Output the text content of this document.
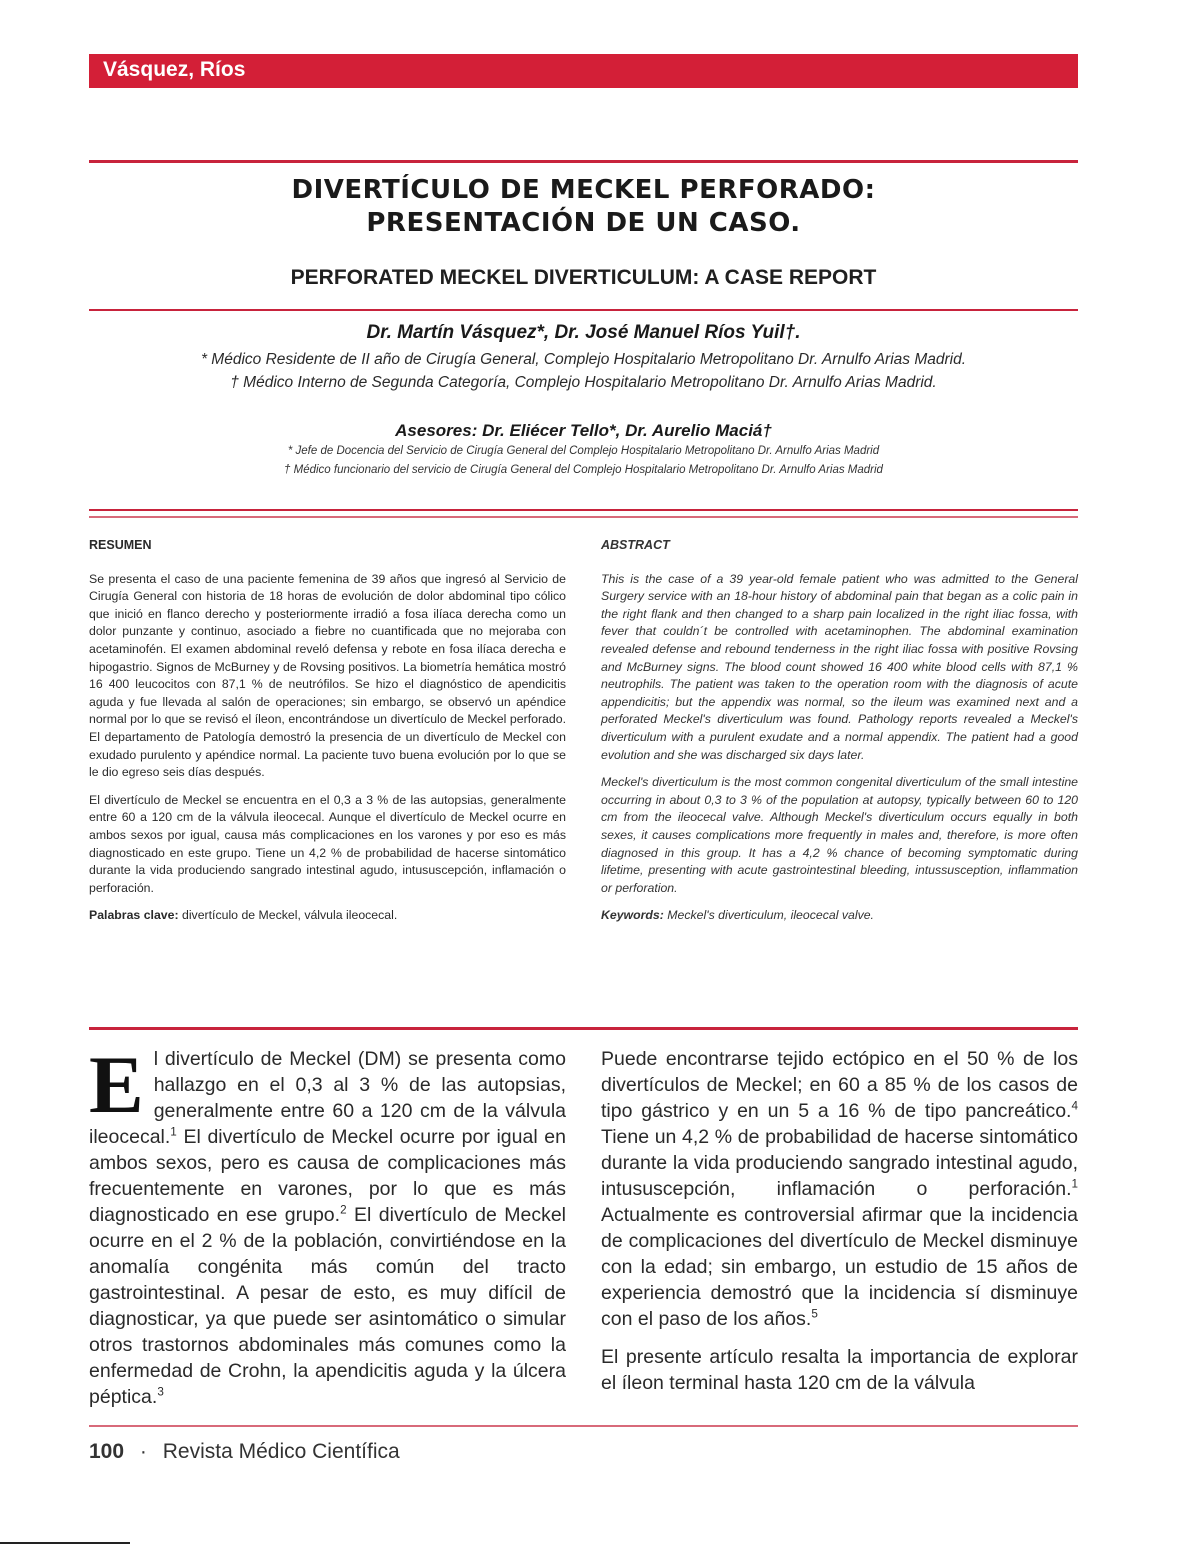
Vásquez, Ríos
DIVERTÍCULO DE MECKEL PERFORADO:
PRESENTACIÓN DE UN CASO.
PERFORATED MECKEL DIVERTICULUM: A CASE REPORT
Dr. Martín Vásquez*, Dr. José Manuel Ríos Yuil†.
* Médico Residente de II año de Cirugía General, Complejo Hospitalario Metropolitano Dr. Arnulfo Arias Madrid.
† Médico Interno de Segunda Categoría, Complejo Hospitalario Metropolitano Dr. Arnulfo Arias Madrid.
Asesores: Dr. Eliécer Tello*, Dr. Aurelio Maciá†
* Jefe de Docencia del Servicio de Cirugía General del Complejo Hospitalario Metropolitano Dr. Arnulfo Arias Madrid
† Médico funcionario del servicio de Cirugía General del Complejo Hospitalario Metropolitano Dr. Arnulfo Arias Madrid

RESUMEN

Se presenta el caso de una paciente femenina de 39 años que ingresó al Servicio de Cirugía General con historia de 18 horas de evolución de dolor abdominal tipo cólico que inició en flanco derecho y posteriormente irradió a fosa ilíaca derecha como un dolor punzante y continuo, asociado a fiebre no cuantificada que no mejoraba con acetaminofén. El examen abdominal reveló defensa y rebote en fosa ilíaca derecha e hipogastrio. Signos de McBurney y de Rovsing positivos. La biometría hemática mostró 16 400 leucocitos con 87,1 % de neutrófilos. Se hizo el diagnóstico de apendicitis aguda y fue llevada al salón de operaciones; sin embargo, se observó un apéndice normal por lo que se revisó el íleon, encontrándose un divertículo de Meckel perforado. El departamento de Patología demostró la presencia de un divertículo de Meckel con exudado purulento y apéndice normal. La paciente tuvo buena evolución por lo que se le dio egreso seis días después.

El divertículo de Meckel se encuentra en el 0,3 a 3 % de las autopsias, generalmente entre 60 a 120 cm de la válvula ileocecal. Aunque el divertículo de Meckel ocurre en ambos sexos por igual, causa más complicaciones en los varones y por eso es más diagnosticado en este grupo. Tiene un 4,2 % de probabilidad de hacerse sintomático durante la vida produciendo sangrado intestinal agudo, intususcepción, inflamación o perforación.

Palabras clave: divertículo de Meckel, válvula ileocecal.

ABSTRACT

This is the case of a 39 year-old female patient who was admitted to the General Surgery service with an 18-hour history of abdominal pain that began as a colic pain in the right flank and then changed to a sharp pain localized in the right iliac fossa, with fever that couldn´t be controlled with acetaminophen. The abdominal examination revealed defense and rebound tenderness in the right iliac fossa with positive Rovsing and McBurney signs. The blood count showed 16 400 white blood cells with 87,1 % neutrophils. The patient was taken to the operation room with the diagnosis of acute appendicitis; but the appendix was normal, so the ileum was examined next and a perforated Meckel's diverticulum was found. Pathology reports revealed a Meckel's diverticulum with a purulent exudate and a normal appendix. The patient had a good evolution and she was discharged six days later.

Meckel's diverticulum is the most common congenital diverticulum of the small intestine occurring in about 0,3 to 3 % of the population at autopsy, typically between 60 to 120 cm from the ileocecal valve. Although Meckel's diverticulum occurs equally in both sexes, it causes complications more frequently in males and, therefore, is more often diagnosed in this group. It has a 4,2 % chance of becoming symptomatic during lifetime, presenting with acute gastrointestinal bleeding, intussusception, inflammation or perforation.

Keywords: Meckel's diverticulum, ileocecal valve.

El divertículo de Meckel (DM) se presenta como hallazgo en el 0,3 al 3 % de las autopsias, generalmente entre 60 a 120 cm de la válvula ileocecal.$^1$ El divertículo de Meckel ocurre por igual en ambos sexos, pero es causa de complicaciones más frecuentemente en varones, por lo que es más diagnosticado en ese grupo.$^2$ El divertículo de Meckel ocurre en el 2 % de la población, convirtiéndose en la anomalía congénita más común del tracto gastrointestinal. A pesar de esto, es muy difícil de diagnosticar, ya que puede ser asintomático o simular otros trastornos abdominales más comunes como la enfermedad de Crohn, la apendicitis aguda y la úlcera péptica.$^3$

Puede encontrarse tejido ectópico en el 50 % de los divertículos de Meckel; en 60 a 85 % de los casos de tipo gástrico y en un 5 a 16 % de tipo pancreático.$^4$ Tiene un 4,2 % de probabilidad de hacerse sintomático durante la vida produciendo sangrado intestinal agudo, intususcepción, inflamación o perforación.$^1$ Actualmente es controversial afirmar que la incidencia de complicaciones del divertículo de Meckel disminuye con la edad; sin embargo, un estudio de 15 años de experiencia demostró que la incidencia sí disminuye con el paso de los años.$^5$

El presente artículo resalta la importancia de explorar el íleon terminal hasta 120 cm de la válvula

100 · Revista Médico Científica
